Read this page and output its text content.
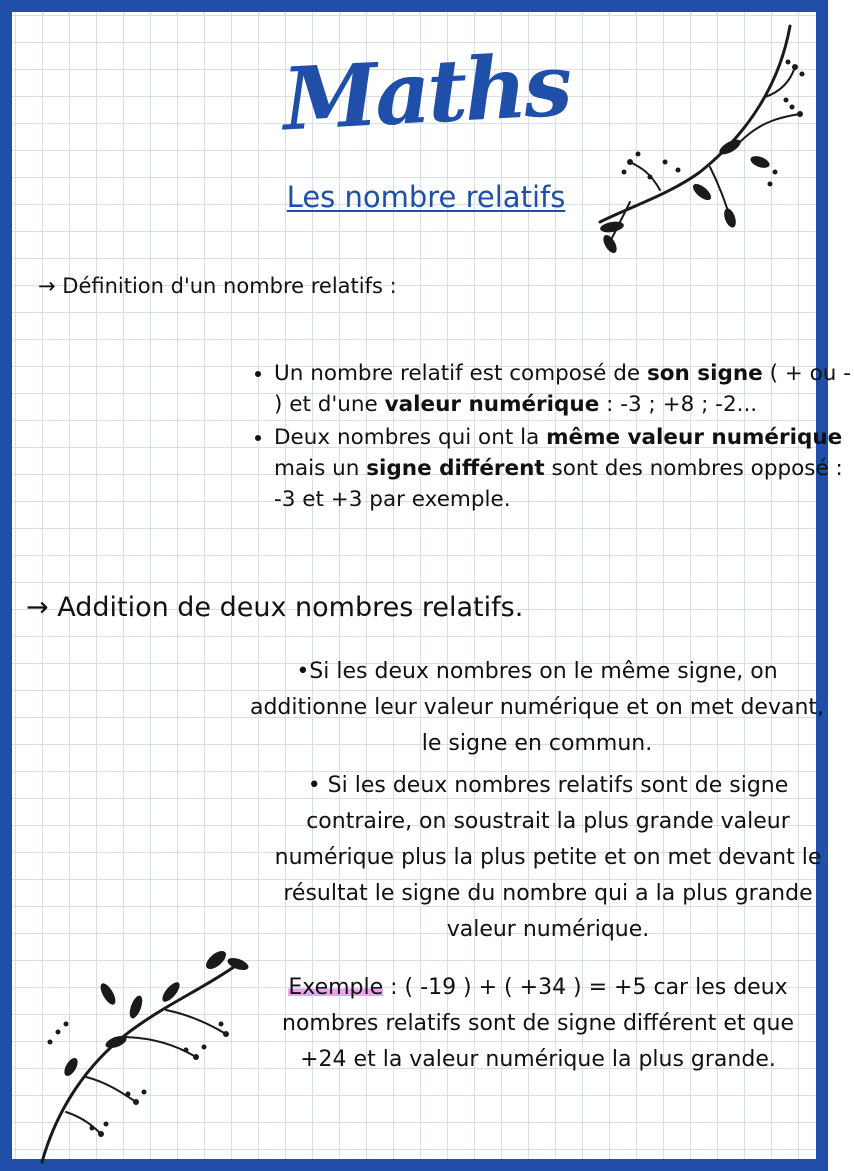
Maths
Les nombre relatifs
→ Définition d'un nombre relatifs :
• Un nombre relatif est composé de son signe ( + ou - ) et d'une valeur numérique : -3 ; +8 ; -2...
• Deux nombres qui ont la même valeur numérique mais un signe différent sont des nombres opposé : -3 et +3 par exemple.
→ Addition de deux nombres relatifs.
•Si les deux nombres on le même signe, on additionne leur valeur numérique et on met devant, le signe en commun.
• Si les deux nombres relatifs sont de signe contraire, on soustrait la plus grande valeur numérique plus la plus petite et on met devant le résultat le signe du nombre qui a la plus grande valeur numérique.
Exemple : ( -19 ) + ( +34 ) = +5 car les deux nombres relatifs sont de signe différent et que +24 et la valeur numérique la plus grande.
